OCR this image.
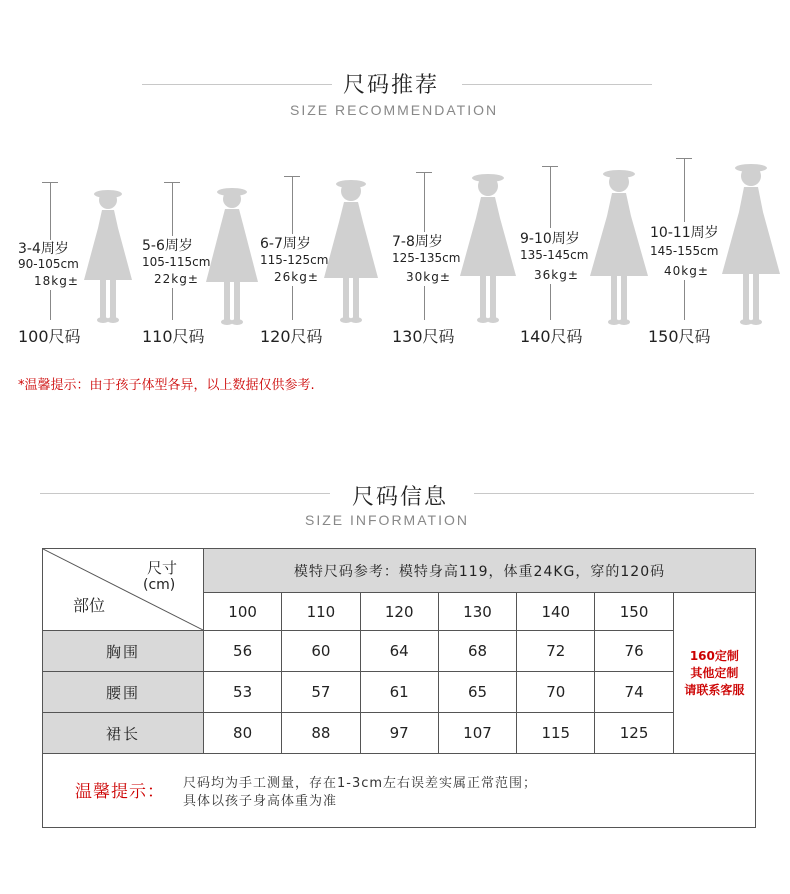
尺码推荐
SIZE RECOMMENDATION
3-4周岁
90-105cm
18kg±
100尺码
5-6周岁
105-115cm
22kg±
110尺码
6-7周岁
115-125cm
26kg±
120尺码
7-8周岁
125-135cm
30kg±
130尺码
9-10周岁
135-145cm
36kg±
140尺码
10-11周岁
145-155cm
40kg±
150尺码
*温馨提示：由于孩子体型各异，以上数据仅供参考.
尺码信息
SIZE INFORMATION
尺寸
(cm)
部位	模特尺码参考：模特身高119，体重24KG，穿的120码						
	100	110	120	130	140	150	160定制
其他定制
请联系客服

胸围	56	60	64	68	72	76	
腰围	53	57	61	65	70	74	
裙长	80	88	97	107	115	125	
温馨提示： 尺码均为手工测量，存在1-3cm左右误差实属正常范围；
具体以孩子身高体重为准
